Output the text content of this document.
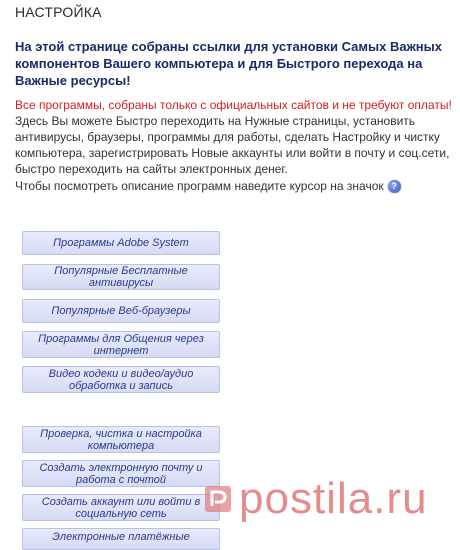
НАСТРОЙКА
На этой странице собраны ссылки для установки Самых Важных компонентов Вашего компьютера и для Быстрого перехода на Важные ресурсы!
Все программы, собраны только с официальных сайтов и не требуют оплаты!
Здесь Вы можете Быстро переходить на Нужные страницы, установить антивирусы, браузеры, программы для работы, сделать Настройку и чистку компьютера, зарегистрировать Новые аккаунты или войти в почту и соц.сети, быстро переходить на сайты электронных денег.
Чтобы посмотреть описание программ наведите курсор на значок ?
Программы Adobe System
Популярные Бесплатные антивирусы
Популярные Веб-браузеры
Программы для Общения через интернет
Видео кодеки и видео/аудио обработка и запись
Проверка, чистка и настройка компьютера
Создать электронную почту и работа с почтой
Создать аккаунт или войти в социальную сеть
Электронные платёжные
postila.ru
